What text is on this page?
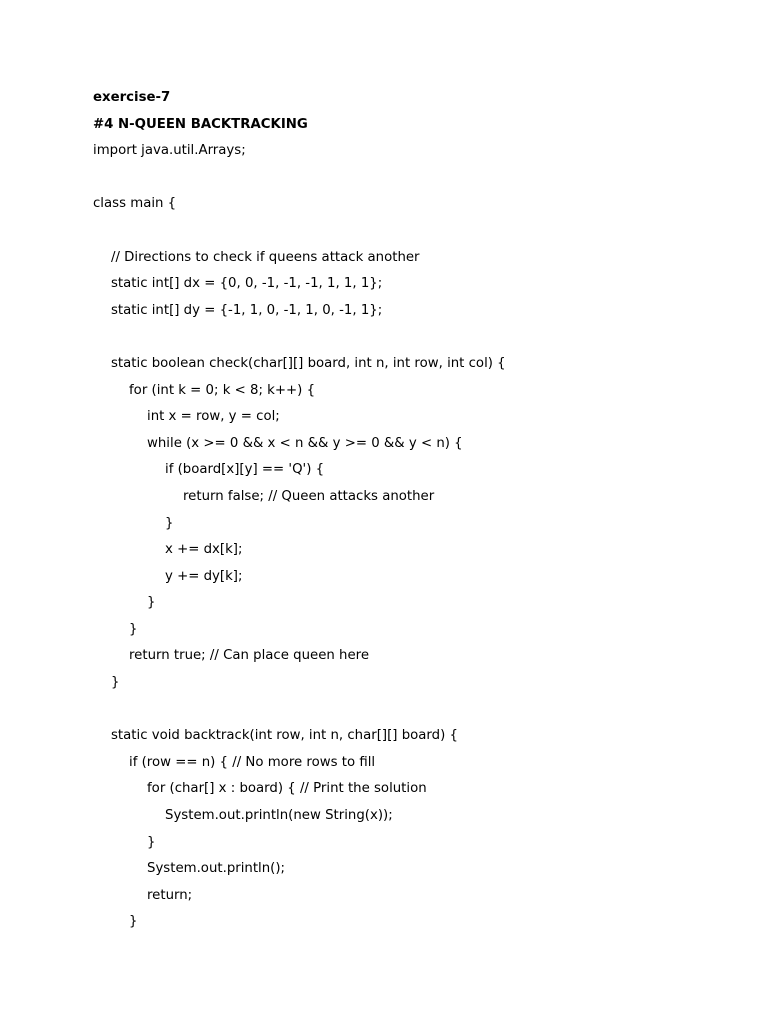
exercise-7
#4 N-QUEEN BACKTRACKING
import java.util.Arrays;
class main {
// Directions to check if queens attack another
static int[] dx = {0, 0, -1, -1, -1, 1, 1, 1};
static int[] dy = {-1, 1, 0, -1, 1, 0, -1, 1};
static boolean check(char[][] board, int n, int row, int col) {
for (int k = 0; k < 8; k++) {
int x = row, y = col;
while (x >= 0 && x < n && y >= 0 && y < n) {
if (board[x][y] == 'Q') {
return false; // Queen attacks another
}
x += dx[k];
y += dy[k];
}
}
return true; // Can place queen here
}
static void backtrack(int row, int n, char[][] board) {
if (row == n) { // No more rows to fill
for (char[] x : board) { // Print the solution
System.out.println(new String(x));
}
System.out.println();
return;
}
